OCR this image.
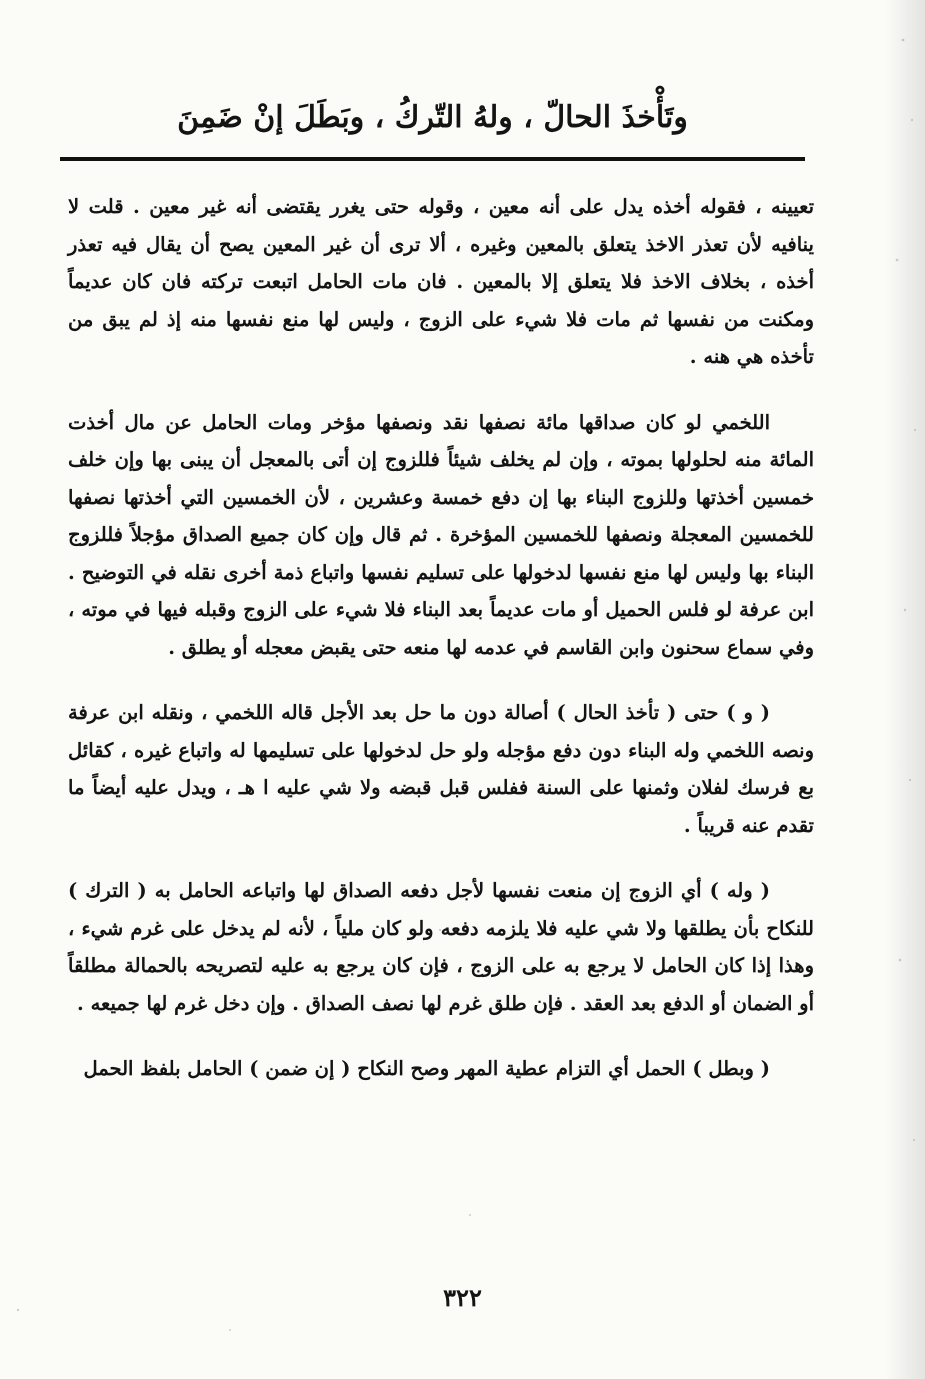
وتَأْخذَ الحالّ ، ولهُ التّركُ ، وبَطَلَ إنْ ضَمِنَ

تعيينه ، فقوله أخذه يدل على أنه معين ، وقوله حتى يغرر يقتضى أنه غير معين . قلت لا ينافيه لأن تعذر الاخذ يتعلق بالمعين وغيره ، ألا ترى أن غير المعين يصح أن يقال فيه تعذر أخذه ، بخلاف الاخذ فلا يتعلق إلا بالمعين . فان مات الحامل اتبعت تركته فان كان عديماً ومكنت من نفسها ثم مات فلا شيء على الزوج ، وليس لها منع نفسها منه إذ لم يبق من تأخذه هي هنه .

اللخمي لو كان صداقها مائة نصفها نقد ونصفها مؤخر ومات الحامل عن مال أخذت المائة منه لحلولها بموته ، وإن لم يخلف شيئاً فللزوج إن أتى بالمعجل أن يبنى بها وإن خلف خمسين أخذتها وللزوج البناء بها إن دفع خمسة وعشرين ، لأن الخمسين التي أخذتها نصفها للخمسين المعجلة ونصفها للخمسين المؤخرة . ثم قال وإن كان جميع الصداق مؤجلاً فللزوج البناء بها وليس لها منع نفسها لدخولها على تسليم نفسها واتباع ذمة أخرى نقله في التوضيح . ابن عرفة لو فلس الحميل أو مات عديماً بعد البناء فلا شيء على الزوج وقبله فيها في موته ، وفي سماع سحنون وابن القاسم في عدمه لها منعه حتى يقبض معجله أو يطلق .

( و ) حتى ( تأخذ الحال ) أصالة دون ما حل بعد الأجل قاله اللخمي ، ونقله ابن عرفة ونصه اللخمي وله البناء دون دفع مؤجله ولو حل لدخولها على تسليمها له واتباع غيره ، كقائل بع فرسك لفلان وثمنها على السنة ففلس قبل قبضه ولا شي عليه ا هـ ، ويدل عليه أيضاً ما تقدم عنه قريباً .

( وله ) أي الزوج إن منعت نفسها لأجل دفعه الصداق لها واتباعه الحامل به ( الترك ) للنكاح بأن يطلقها ولا شي عليه فلا يلزمه دفعه ولو كان ملياً ، لأنه لم يدخل على غرم شيء ، وهذا إذا كان الحامل لا يرجع به على الزوج ، فإن كان يرجع به عليه لتصريحه بالحمالة مطلقاً أو الضمان أو الدفع بعد العقد . فإن طلق غرم لها نصف الصداق . وإن دخل غرم لها جميعه .

( وبطل ) الحمل أي التزام عطية المهر وصح النكاح ( إن ضمن ) الحامل بلفظ الحمل

٣٢٢
